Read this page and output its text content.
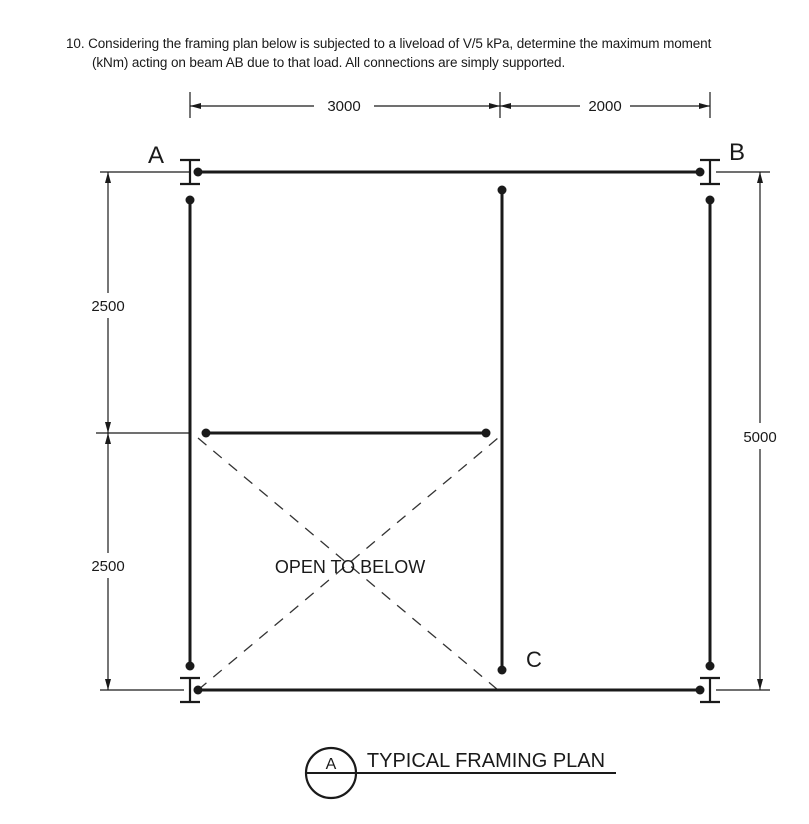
10. Considering the framing plan below is subjected to a liveload of V/5 kPa, determine the maximum moment
(kNm) acting on beam AB due to that load. All connections are simply supported.
3000	2000
2500
2500
5000
OPEN TO BELOW
A	B
C
A TYPICAL FRAMING PLAN
